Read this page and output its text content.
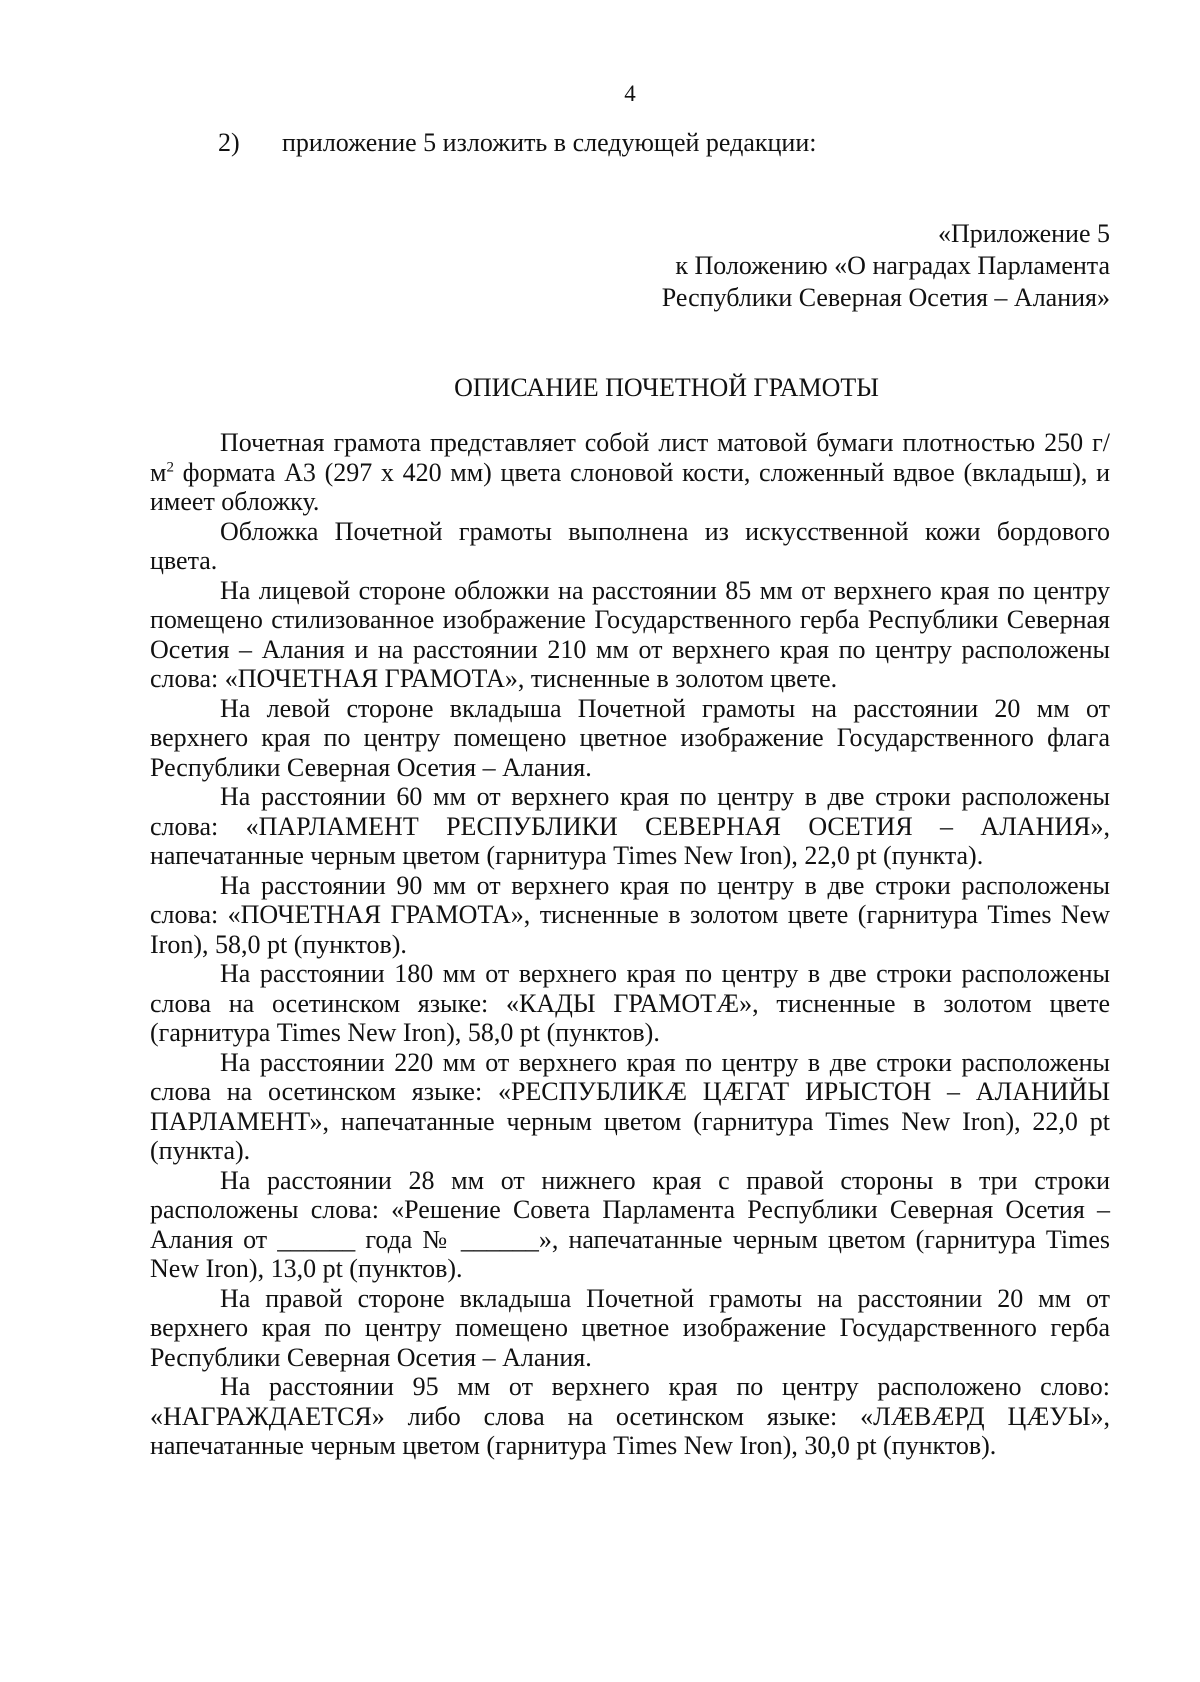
4
2) приложение 5 изложить в следующей редакции:
«Приложение 5
к Положению «О наградах Парламента
Республики Северная Осетия – Алания»
ОПИСАНИЕ ПОЧЕТНОЙ ГРАМОТЫ

Почетная грамота представляет собой лист матовой бумаги плотностью 250 $г/м^2$ формата А3 (297 х 420 мм) цвета слоновой кости, сложенный вдвое (вкладыш), и имеет обложку.

Обложка Почетной грамоты выполнена из искусственной кожи бордового цвета.

На лицевой стороне обложки на расстоянии 85 мм от верхнего края по центру помещено стилизованное изображение Государственного герба Республики Северная Осетия – Алания и на расстоянии 210 мм от верхнего края по центру расположены слова: «ПОЧЕТНАЯ ГРАМОТА», тисненные в золотом цвете.

На левой стороне вкладыша Почетной грамоты на расстоянии 20 мм от верхнего края по центру помещено цветное изображение Государственного флага Республики Северная Осетия – Алания.

На расстоянии 60 мм от верхнего края по центру в две строки расположены слова: «ПАРЛАМЕНТ РЕСПУБЛИКИ СЕВЕРНАЯ ОСЕТИЯ – АЛАНИЯ», напечатанные черным цветом (гарнитура Times New Iron), 22,0 pt (пункта).

На расстоянии 90 мм от верхнего края по центру в две строки расположены слова: «ПОЧЕТНАЯ ГРАМОТА», тисненные в золотом цвете (гарнитура Times New Iron), 58,0 pt (пунктов).

На расстоянии 180 мм от верхнего края по центру в две строки расположены слова на осетинском языке: «КАДЫ ГРАМОТӔ», тисненные в золотом цвете (гарнитура Times New Iron), 58,0 pt (пунктов).

На расстоянии 220 мм от верхнего края по центру в две строки расположены слова на осетинском языке: «РЕСПУБЛИКӔ ЦӔГАТ ИРЫСТОН – АЛАНИЙЫ ПАРЛАМЕНТ», напечатанные черным цветом (гарнитура Times New Iron), 22,0 pt (пункта).

На расстоянии 28 мм от нижнего края с правой стороны в три строки расположены слова: «Решение Совета Парламента Республики Северная Осетия – Алания от ______ года № ______», напечатанные черным цветом (гарнитура Times New Iron), 13,0 pt (пунктов).

На правой стороне вкладыша Почетной грамоты на расстоянии 20 мм от верхнего края по центру помещено цветное изображение Государственного герба Республики Северная Осетия – Алания.

На расстоянии 95 мм от верхнего края по центру расположено слово: «НАГРАЖДАЕТСЯ» либо слова на осетинском языке: «ЛӔВӔРД ЦӔУЫ», напечатанные черным цветом (гарнитура Times New Iron), 30,0 pt (пунктов).
